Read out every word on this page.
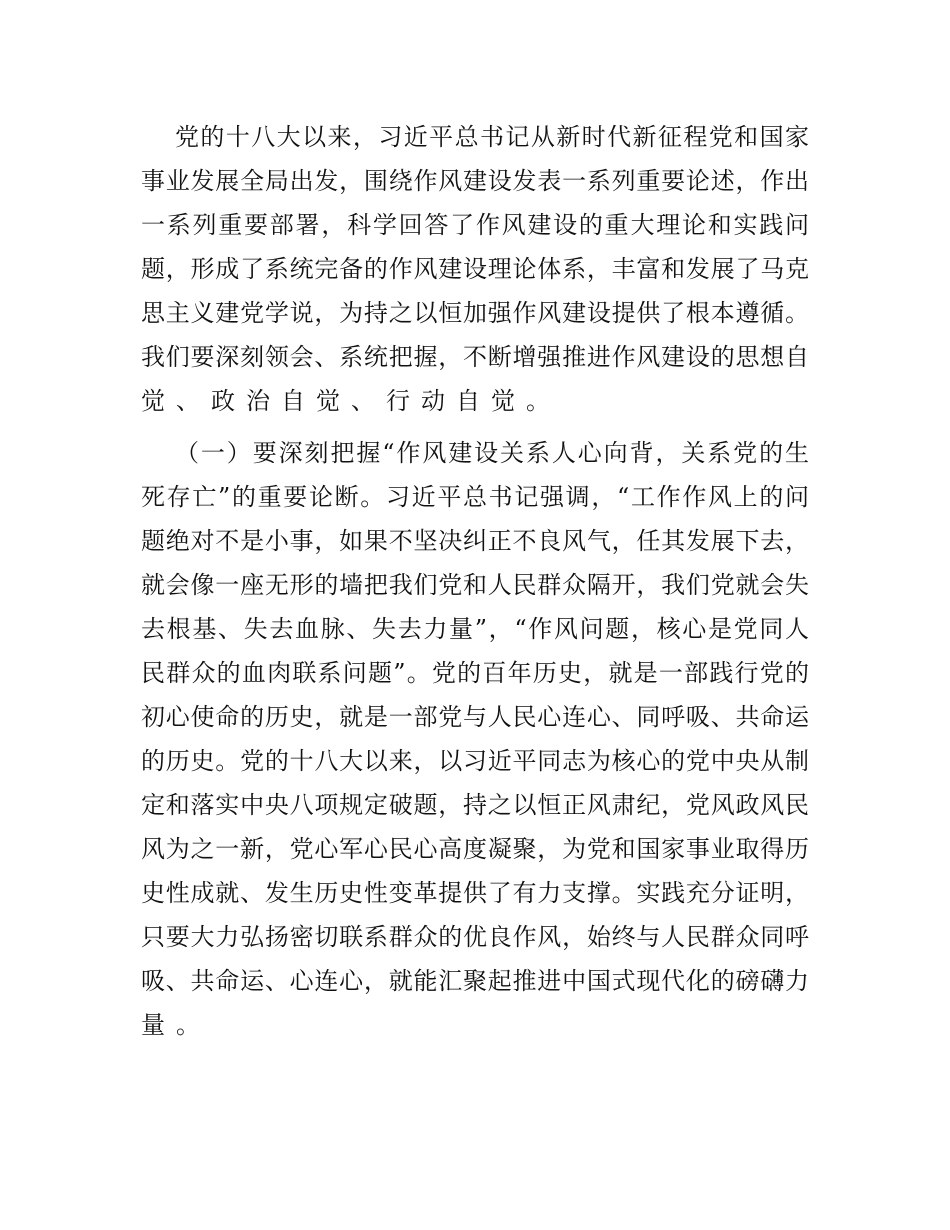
党的十八大以来，习近平总书记从新时代新征程党和国家
事业发展全局出发，围绕作风建设发表一系列重要论述，作出
一系列重要部署，科学回答了作风建设的重大理论和实践问
题，形成了系统完备的作风建设理论体系，丰富和发展了马克
思主义建党学说，为持之以恒加强作风建设提供了根本遵循。
我们要深刻领会、系统把握，不断增强推进作风建设的思想自
觉、政治自觉、行动自觉。
（一）要深刻把握“作风建设关系人心向背，关系党的生
死存亡”的重要论断。习近平总书记强调，“工作作风上的问
题绝对不是小事，如果不坚决纠正不良风气，任其发展下去，
就会像一座无形的墙把我们党和人民群众隔开，我们党就会失
去根基、失去血脉、失去力量”，“作风问题，核心是党同人
民群众的血肉联系问题”。党的百年历史，就是一部践行党的
初心使命的历史，就是一部党与人民心连心、同呼吸、共命运
的历史。党的十八大以来，以习近平同志为核心的党中央从制
定和落实中央八项规定破题，持之以恒正风肃纪，党风政风民
风为之一新，党心军心民心高度凝聚，为党和国家事业取得历
史性成就、发生历史性变革提供了有力支撑。实践充分证明，
只要大力弘扬密切联系群众的优良作风，始终与人民群众同呼
吸、共命运、心连心，就能汇聚起推进中国式现代化的磅礴力
量。
